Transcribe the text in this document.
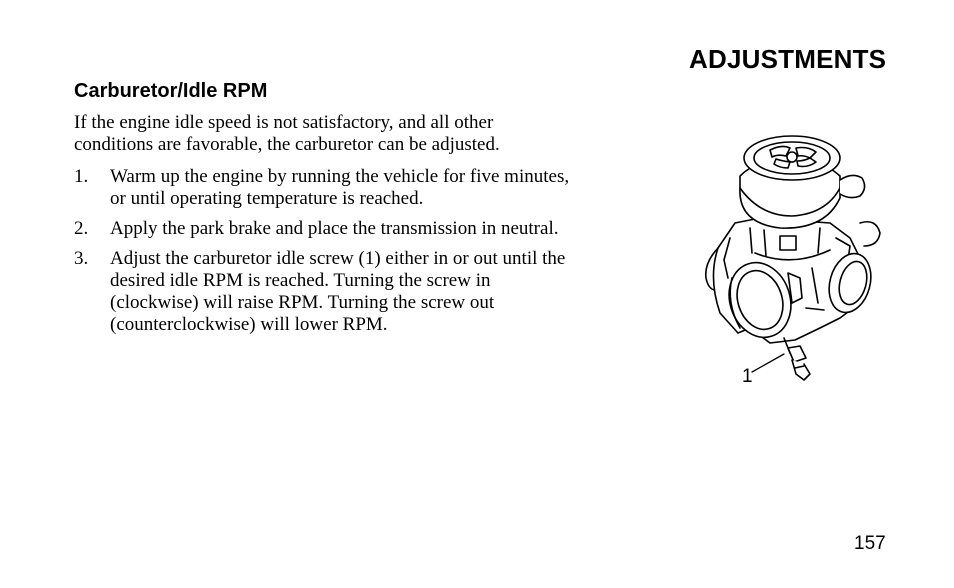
ADJUSTMENTS
Carburetor/Idle RPM

If the engine idle speed is not satisfactory, and all other
conditions are favorable, the carburetor can be adjusted.

1.	Warm up the engine by running the vehicle for five minutes,
or until operating temperature is reached.
2.	Apply the park brake and place the transmission in neutral.
3.	Adjust the carburetor idle screw (1) either in or out until the
desired idle RPM is reached. Turning the screw in
(clockwise) will raise RPM. Turning the screw out
(counterclockwise) will lower RPM.
1
157
